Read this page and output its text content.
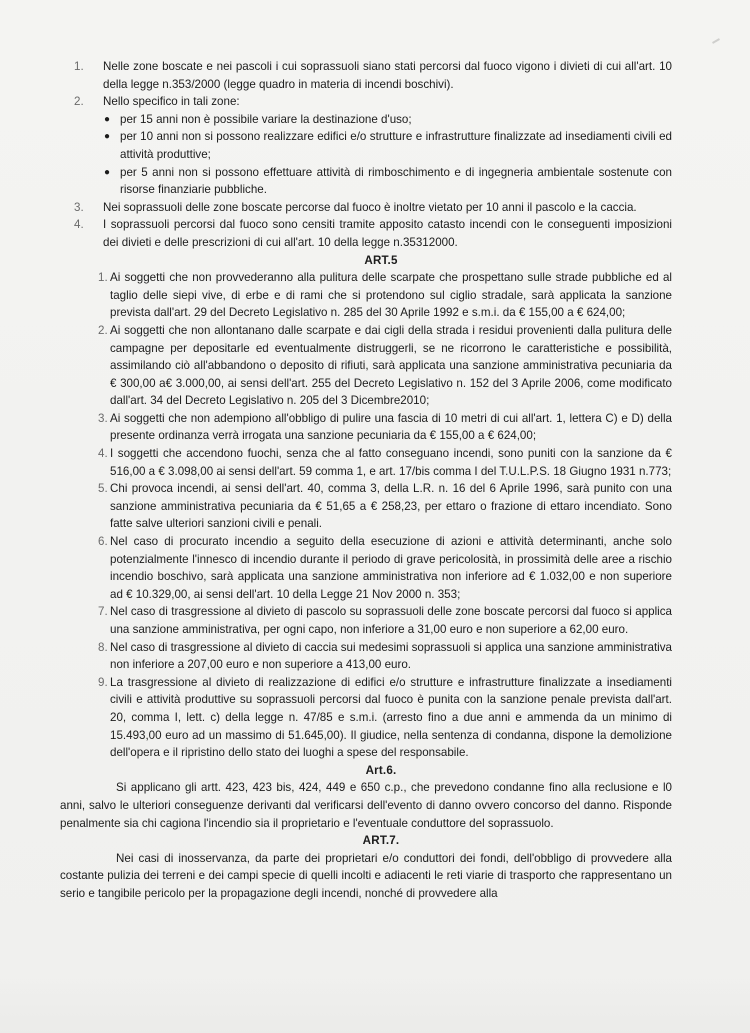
1. Nelle zone boscate e nei pascoli i cui soprassuoli siano stati percorsi dal fuoco vigono i divieti di cui all'art. 10 della legge n.353/2000 (legge quadro in materia di incendi boschivi).
2. Nello specifico in tali zone:
● per 15 anni non è possibile variare la destinazione d'uso;
● per 10 anni non si possono realizzare edifici e/o strutture e infrastrutture finalizzate ad insediamenti civili ed attività produttive;
● per 5 anni non si possono effettuare attività di rimboschimento e di ingegneria ambientale sostenute con risorse finanziarie pubbliche.
3. Nei soprassuoli delle zone boscate percorse dal fuoco è inoltre vietato per 10 anni il pascolo e la caccia.
4. I soprassuoli percorsi dal fuoco sono censiti tramite apposito catasto incendi con le conseguenti imposizioni dei divieti e delle prescrizioni di cui all'art. 10 della legge n.35312000.
ART.5
1. Ai soggetti che non provvederanno alla pulitura delle scarpate che prospettano sulle strade pubbliche ed al taglio delle siepi vive, di erbe e di rami che si protendono sul ciglio stradale, sarà applicata la sanzione prevista dall'art. 29 del Decreto Legislativo n. 285 del 30 Aprile 1992 e s.m.i. da € 155,00 a € 624,00;
2. Ai soggetti che non allontanano dalle scarpate e dai cigli della strada i residui provenienti dalla pulitura delle campagne per depositarle ed eventualmente distruggerli, se ne ricorrono le caratteristiche e possibilità, assimilando ciò all'abbandono o deposito di rifiuti, sarà applicata una sanzione amministrativa pecuniaria da € 300,00 a€ 3.000,00, ai sensi dell'art. 255 del Decreto Legislativo n. 152 del 3 Aprile 2006, come modificato dall'art. 34 del Decreto Legislativo n. 205 del 3 Dicembre2010;
3. Ai soggetti che non adempiono all'obbligo di pulire una fascia di 10 metri di cui all'art. 1, lettera C) e D) della presente ordinanza verrà irrogata una sanzione pecuniaria da € 155,00 a € 624,00;
4. I soggetti che accendono fuochi, senza che al fatto conseguano incendi, sono puniti con la sanzione da € 516,00 a € 3.098,00 ai sensi dell'art. 59 comma 1, e art. 17/bis comma I del T.U.L.P.S. 18 Giugno 1931 n.773;
5. Chi provoca incendi, ai sensi dell'art. 40, comma 3, della L.R. n. 16 del 6 Aprile 1996, sarà punito con una sanzione amministrativa pecuniaria da € 51,65 a € 258,23, per ettaro o frazione di ettaro incendiato. Sono fatte salve ulteriori sanzioni civili e penali.
6. Nel caso di procurato incendio a seguito della esecuzione di azioni e attività determinanti, anche solo potenzialmente l'innesco di incendio durante il periodo di grave pericolosità, in prossimità delle aree a rischio incendio boschivo, sarà applicata una sanzione amministrativa non inferiore ad € 1.032,00 e non superiore ad € 10.329,00, ai sensi dell'art. 10 della Legge 21 Nov 2000 n. 353;
7. Nel caso di trasgressione al divieto di pascolo su soprassuoli delle zone boscate percorsi dal fuoco si applica una sanzione amministrativa, per ogni capo, non inferiore a 31,00 euro e non superiore a 62,00 euro.
8. Nel caso di trasgressione al divieto di caccia sui medesimi soprassuoli si applica una sanzione amministrativa non inferiore a 207,00 euro e non superiore a 413,00 euro.
9. La trasgressione al divieto di realizzazione di edifici e/o strutture e infrastrutture finalizzate a insediamenti civili e attività produttive su soprassuoli percorsi dal fuoco è punita con la sanzione penale prevista dall'art. 20, comma I, lett. c) della legge n. 47/85 e s.m.i. (arresto fino a due anni e ammenda da un minimo di 15.493,00 euro ad un massimo di 51.645,00). Il giudice, nella sentenza di condanna, dispone la demolizione dell'opera e il ripristino dello stato dei luoghi a spese del responsabile.
Art.6.
Si applicano gli artt. 423, 423 bis, 424, 449 e 650 c.p., che prevedono condanne fino alla reclusione e l0 anni, salvo le ulteriori conseguenze derivanti dal verificarsi dell'evento di danno ovvero concorso del danno. Risponde penalmente sia chi cagiona l'incendio sia il proprietario e l'eventuale conduttore del soprassuolo.
ART.7.
Nei casi di inosservanza, da parte dei proprietari e/o conduttori dei fondi, dell'obbligo di provvedere alla costante pulizia dei terreni e dei campi specie di quelli incolti e adiacenti le reti viarie di trasporto che rappresentano un serio e tangibile pericolo per la propagazione degli incendi, nonché di provvedere alla
